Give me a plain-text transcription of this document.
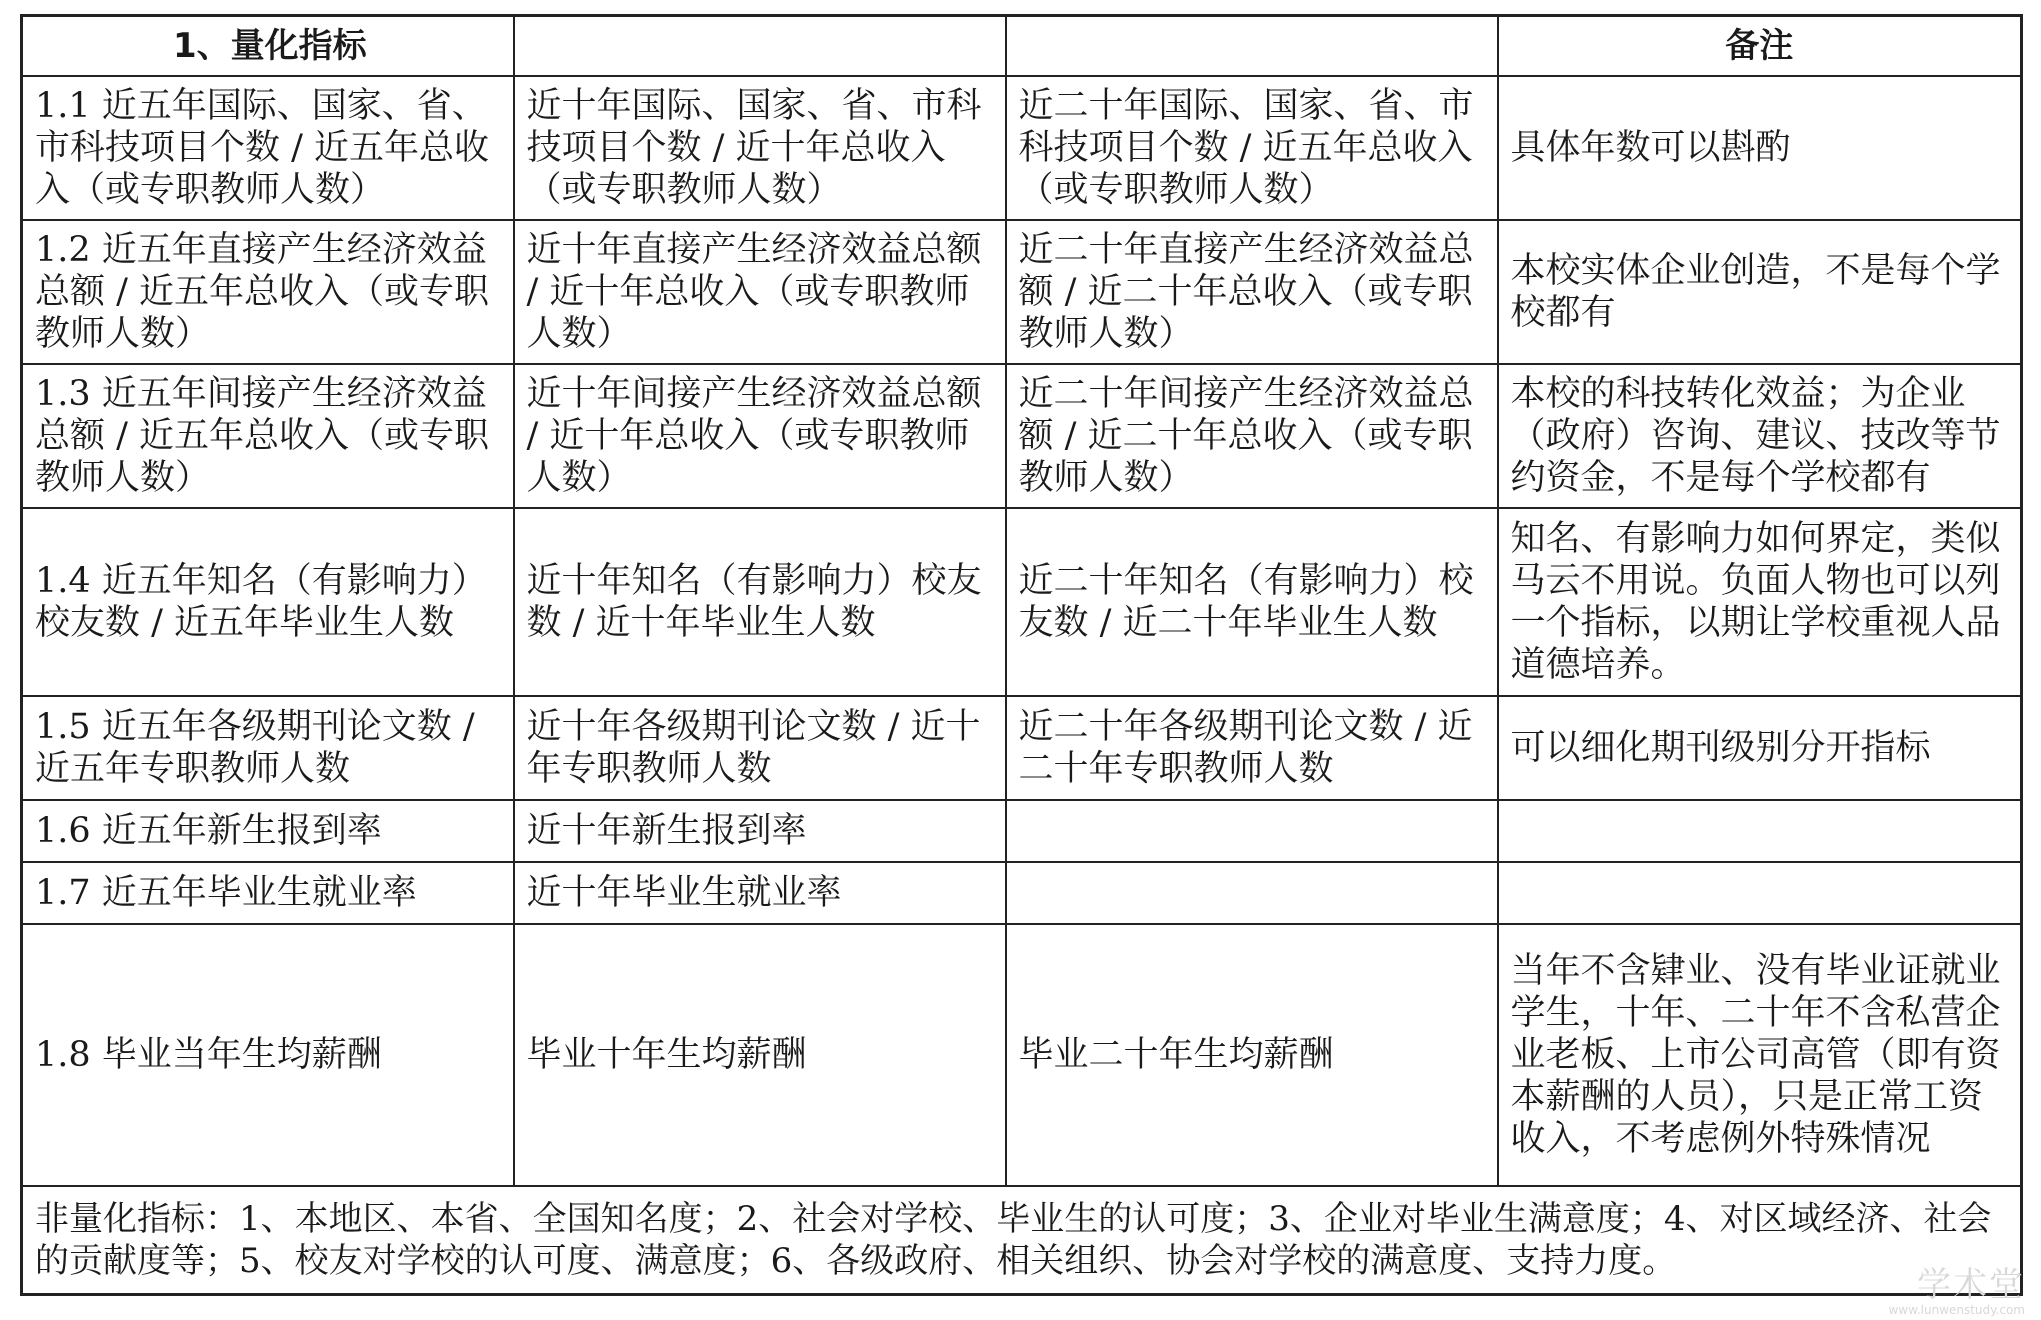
1、量化指标			备注
1.1 近五年国际、国家、省、市科技项目个数 / 近五年总收入（或专职教师人数）	近十年国际、国家、省、市科技项目个数 / 近十年总收入（或专职教师人数）	近二十年国际、国家、省、市科技项目个数 / 近五年总收入（或专职教师人数）	具体年数可以斟酌
1.2 近五年直接产生经济效益总额 / 近五年总收入（或专职教师人数）	近十年直接产生经济效益总额 / 近十年总收入（或专职教师人数）	近二十年直接产生经济效益总额 / 近二十年总收入（或专职教师人数）	本校实体企业创造，不是每个学校都有
1.3 近五年间接产生经济效益总额 / 近五年总收入（或专职教师人数）	近十年间接产生经济效益总额 / 近十年总收入（或专职教师人数）	近二十年间接产生经济效益总额 / 近二十年总收入（或专职教师人数）	本校的科技转化效益；为企业（政府）咨询、建议、技改等节约资金，不是每个学校都有
1.4 近五年知名（有影响力）校友数 / 近五年毕业生人数	近十年知名（有影响力）校友数 / 近十年毕业生人数	近二十年知名（有影响力）校友数 / 近二十年毕业生人数	知名、有影响力如何界定，类似马云不用说。负面人物也可以列一个指标，以期让学校重视人品道德培养。
1.5 近五年各级期刊论文数 / 近五年专职教师人数	近十年各级期刊论文数 / 近十年专职教师人数	近二十年各级期刊论文数 / 近二十年专职教师人数	可以细化期刊级别分开指标
1.6 近五年新生报到率	近十年新生报到率		
1.7 近五年毕业生就业率	近十年毕业生就业率		
1.8 毕业当年生均薪酬	毕业十年生均薪酬	毕业二十年生均薪酬	当年不含肄业、没有毕业证就业学生，十年、二十年不含私营企业老板、上市公司高管（即有资本薪酬的人员），只是正常工资收入，不考虑例外特殊情况
非量化指标：1、本地区、本省、全国知名度；2、社会对学校、毕业生的认可度；3、企业对毕业生满意度；4、对区域经济、社会的贡献度等；5、校友对学校的认可度、满意度；6、各级政府、相关组织、协会对学校的满意度、支持力度。			
学术堂
www.lunwenstudy.com
